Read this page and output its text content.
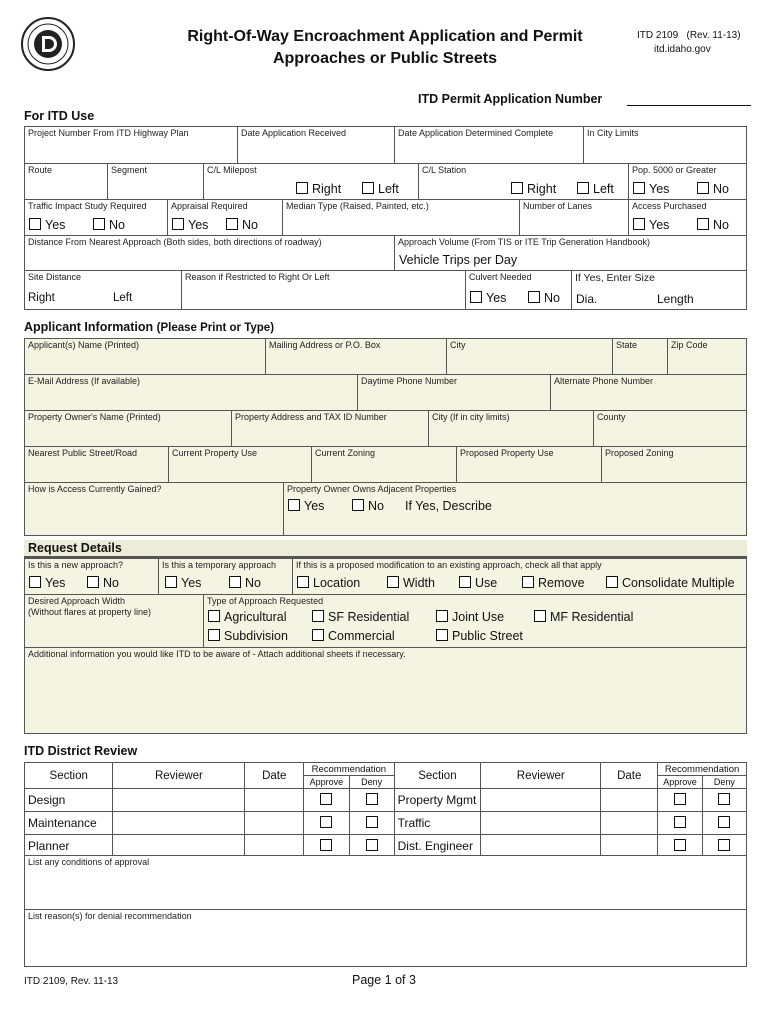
Right-Of-Way Encroachment Application and Permit
Approaches or Public Streets
ITD 2109 (Rev. 11-13)
itd.idaho.gov
ITD Permit Application Number
For ITD Use
Project Number From ITD Highway Plan	Date Application Received	Date Application Determined Complete	In City Limits
Route	Segment	C/L Milepost
Right	Left
C/L Station
Right	Left
Pop. 5000 or Greater
Yes	No
Traffic Impact Study Required
Yes	No
Appraisal Required
Yes	No
Median Type (Raised, Painted, etc.)	Number of Lanes	Access Purchased
Yes	No
Distance From Nearest Approach (Both sides, both directions of roadway)	Approach Volume (From TIS or ITE Trip Generation Handbook)
Vehicle Trips per Day
Site Distance
Right	Left
Reason if Restricted to Right Or Left	Culvert Needed
Yes	No
If Yes, Enter Size
Dia.	Length
Applicant Information (Please Print or Type)
Applicant(s) Name (Printed)	Mailing Address or P.O. Box	City	State	Zip Code
E-Mail Address (If available)	Daytime Phone Number	Alternate Phone Number
Property Owner's Name (Printed)	Property Address and TAX ID Number	City (If in city limits)	County
Nearest Public Street/Road	Current Property Use	Current Zoning	Proposed Property Use	Proposed Zoning
How is Access Currently Gained?	Property Owner Owns Adjacent Properties
Yes	No If Yes, Describe
Request Details
Is this a new approach?
Yes	No
Is this a temporary approach
Yes	No
If this is a proposed modification to an existing approach, check all that apply
Location	Width	Use	Remove	Consolidate Multiple
Desired Approach Width
(Without flares at property line)
Type of Approach Requested
Agricultural	SF Residential	Joint Use	MF Residential
Subdivision	Commercial	Public Street
Additional information you would like ITD to be aware of - Attach additional sheets if necessary.
ITD District Review
Section	Reviewer	Date	Recommendation		Section	Reviewer	Date	Recommendation	
			Approve	Deny				Approve	Deny
Design					Property Mgmt				
Maintenance					Traffic				
Planner					Dist. Engineer				
List any conditions of approval
List reason(s) for denial recommendation
ITD 2109, Rev. 11-13	Page 1 of 3
